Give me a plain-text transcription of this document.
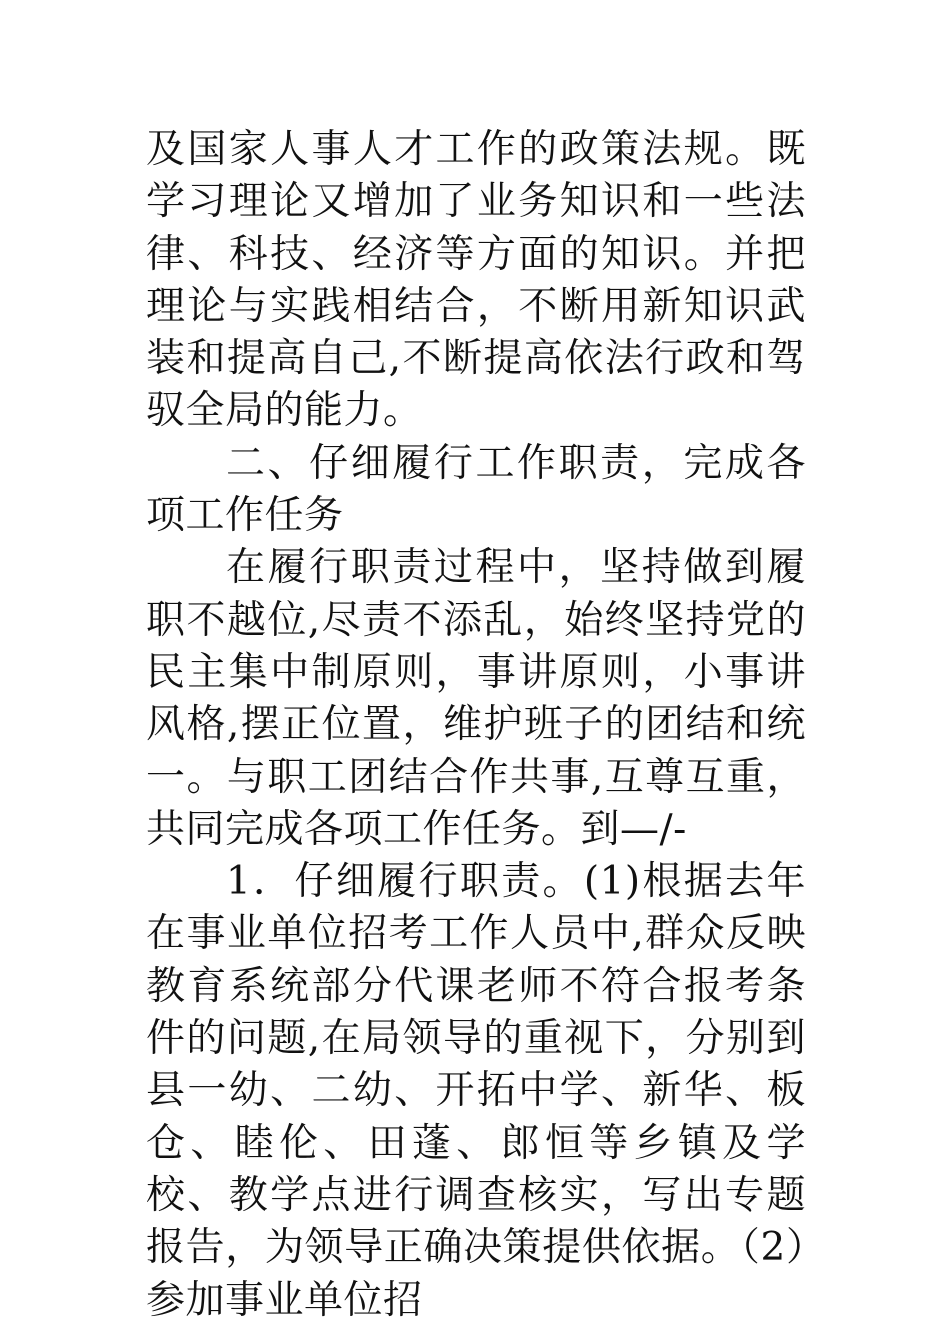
及国家人事人才工作的政策法规。既学习理论又增加了业务知识和一些法律、科技、经济等方面的知识。并把理论与实践相结合，不断用新知识武装和提高自己,不断提高依法行政和驾驭全局的能力。

二、仔细履行工作职责，完成各项工作任务

在履行职责过程中，坚持做到履职不越位,尽责不添乱，始终坚持党的民主集中制原则，事讲原则，小事讲风格,摆正位置，维护班子的团结和统一。与职工团结合作共事,互尊互重，共同完成各项工作任务。到—/-

1．仔细履行职责。(1)根据去年在事业单位招考工作人员中,群众反映教育系统部分代课老师不符合报考条件的问题,在局领导的重视下，分别到县一幼、二幼、开拓中学、新华、板仓、睦伦、田蓬、郎恒等乡镇及学校、教学点进行调查核实，写出专题报告，为领导正确决策提供依据。（2）参加事业单位招
